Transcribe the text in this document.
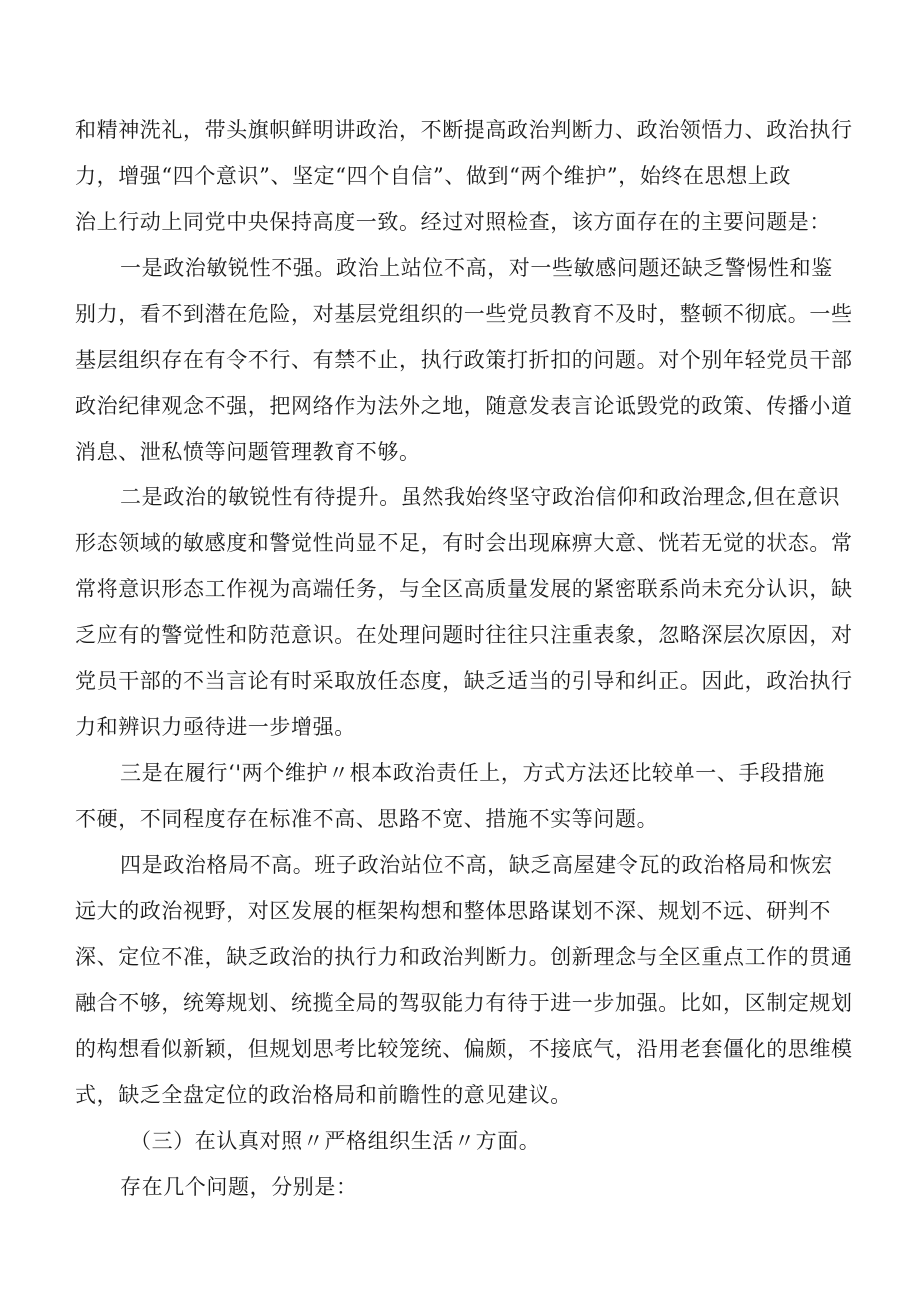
和精神洗礼，带头旗帜鲜明讲政治，不断提高政治判断力、政治领悟力、政治执行
力，增强“四个意识”、坚定“四个自信”、做到“两个维护”，始终在思想上政
治上行动上同党中央保持高度一致。经过对照检查，该方面存在的主要问题是：
一是政治敏锐性不强。政治上站位不高，对一些敏感问题还缺乏警惕性和鉴
别力，看不到潜在危险，对基层党组织的一些党员教育不及时，整顿不彻底。一些
基层组织存在有令不行、有禁不止，执行政策打折扣的问题。对个别年轻党员干部
政治纪律观念不强，把网络作为法外之地，随意发表言论诋毁党的政策、传播小道
消息、泄私愤等问题管理教育不够。
二是政治的敏锐性有待提升。虽然我始终坚守政治信仰和政治理念,但在意识
形态领域的敏感度和警觉性尚显不足，有时会出现麻痹大意、恍若无觉的状态。常
常将意识形态工作视为高端任务，与全区高质量发展的紧密联系尚未充分认识，缺
乏应有的警觉性和防范意识。在处理问题时往往只注重表象，忽略深层次原因，对
党员干部的不当言论有时采取放任态度，缺乏适当的引导和纠正。因此，政治执行
力和辨识力亟待进一步增强。
三是在履行‘'两个维护〃根本政治责任上，方式方法还比较单一、手段措施
不硬，不同程度存在标准不高、思路不宽、措施不实等问题。
四是政治格局不高。班子政治站位不高，缺乏高屋建令瓦的政治格局和恢宏
远大的政治视野，对区发展的框架构想和整体思路谋划不深、规划不远、研判不
深、定位不准，缺乏政治的执行力和政治判断力。创新理念与全区重点工作的贯通
融合不够，统筹规划、统揽全局的驾驭能力有待于进一步加强。比如，区制定规划
的构想看似新颖，但规划思考比较笼统、偏颇，不接底气，沿用老套僵化的思维模
式，缺乏全盘定位的政治格局和前瞻性的意见建议。
（三）在认真对照〃严格组织生活〃方面。
存在几个问题，分别是：
